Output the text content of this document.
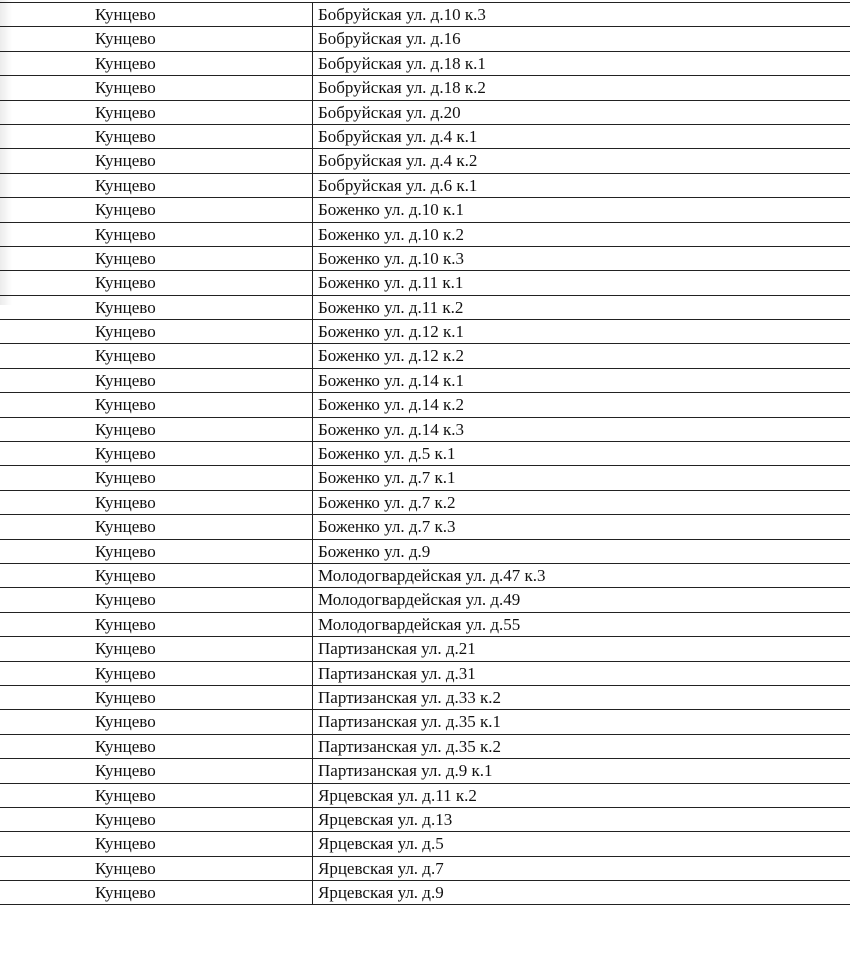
Кунцево	Бобруйская ул. д.10 к.3
Кунцево	Бобруйская ул. д.16
Кунцево	Бобруйская ул. д.18 к.1
Кунцево	Бобруйская ул. д.18 к.2
Кунцево	Бобруйская ул. д.20
Кунцево	Бобруйская ул. д.4 к.1
Кунцево	Бобруйская ул. д.4 к.2
Кунцево	Бобруйская ул. д.6 к.1
Кунцево	Боженко ул. д.10 к.1
Кунцево	Боженко ул. д.10 к.2
Кунцево	Боженко ул. д.10 к.3
Кунцево	Боженко ул. д.11 к.1
Кунцево	Боженко ул. д.11 к.2
Кунцево	Боженко ул. д.12 к.1
Кунцево	Боженко ул. д.12 к.2
Кунцево	Боженко ул. д.14 к.1
Кунцево	Боженко ул. д.14 к.2
Кунцево	Боженко ул. д.14 к.3
Кунцево	Боженко ул. д.5 к.1
Кунцево	Боженко ул. д.7 к.1
Кунцево	Боженко ул. д.7 к.2
Кунцево	Боженко ул. д.7 к.3
Кунцево	Боженко ул. д.9
Кунцево	Молодогвардейская ул. д.47 к.3
Кунцево	Молодогвардейская ул. д.49
Кунцево	Молодогвардейская ул. д.55
Кунцево	Партизанская ул. д.21
Кунцево	Партизанская ул. д.31
Кунцево	Партизанская ул. д.33 к.2
Кунцево	Партизанская ул. д.35 к.1
Кунцево	Партизанская ул. д.35 к.2
Кунцево	Партизанская ул. д.9 к.1
Кунцево	Ярцевская ул. д.11 к.2
Кунцево	Ярцевская ул. д.13
Кунцево	Ярцевская ул. д.5
Кунцево	Ярцевская ул. д.7
Кунцево	Ярцевская ул. д.9
